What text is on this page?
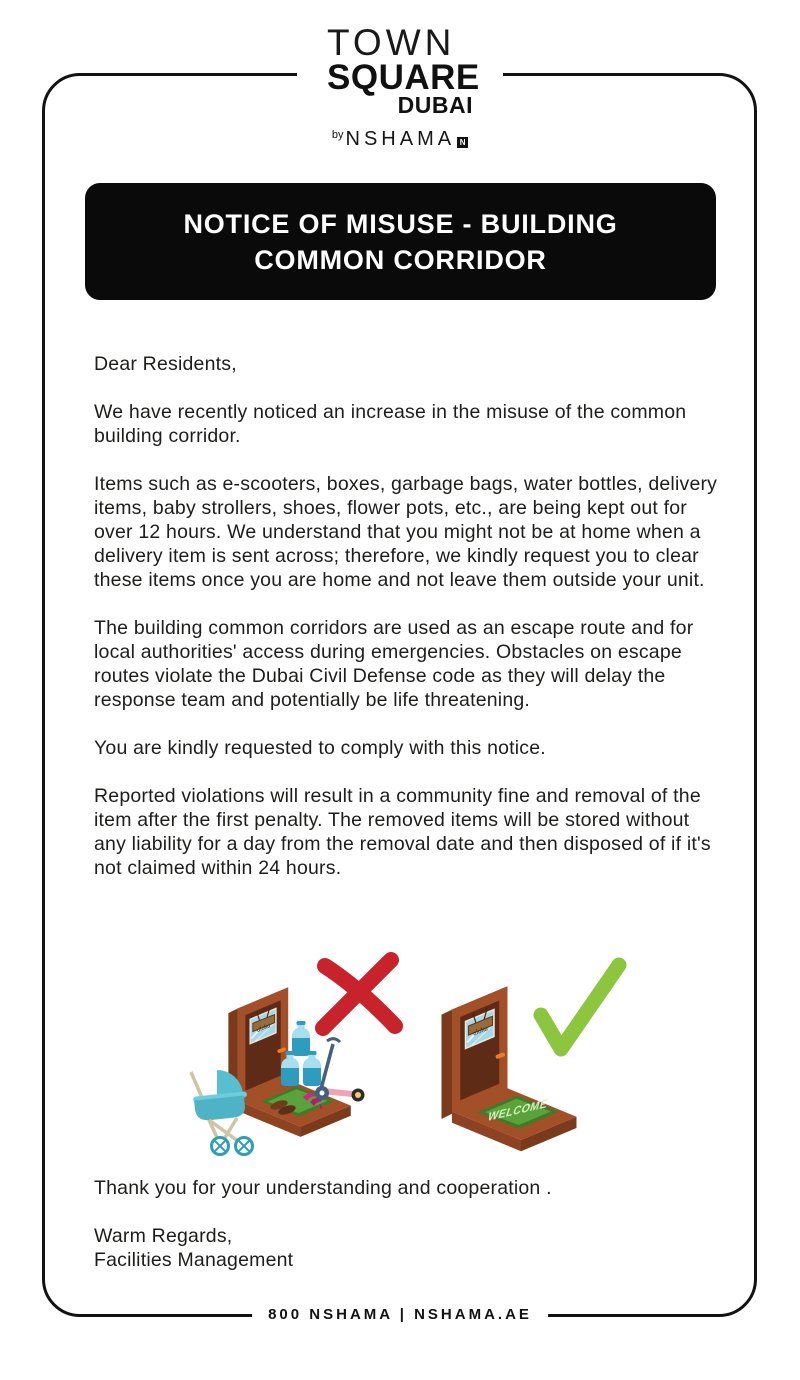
TOWN
SQUARE
DUBAI
$^{by}$ NSHAMA N
NOTICE OF MISUSE - BUILDING
COMMON CORRIDOR

Dear Residents,

We have recently noticed an increase in the misuse of the common building corridor.

Items such as e-scooters, boxes, garbage bags, water bottles, delivery items, baby strollers, shoes, flower pots, etc., are being kept out for over 12 hours. We understand that you might not be at home when a delivery item is sent across; therefore, we kindly request you to clear these items once you are home and not leave them outside your unit.

The building common corridors are used as an escape route and for local authorities' access during emergencies. Obstacles on escape routes violate the Dubai Civil Defense code as they will delay the response team and potentially be life threatening.

You are kindly requested to comply with this notice.

Reported violations will result in a community fine and removal of the item after the first penalty. The removed items will be stored without any liability for a day from the removal date and then disposed of if it's not claimed within 24 hours.

WELCOME

Thank you for your understanding and cooperation .

Warm Regards,

Facilities Management

800 NSHAMA | NSHAMA.AE
